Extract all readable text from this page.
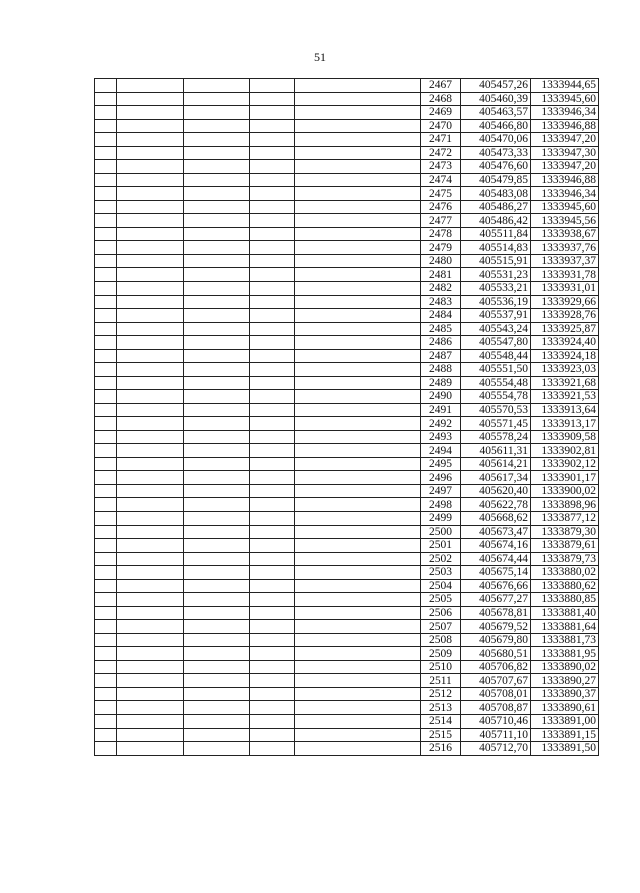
51
					2467	405457,26	1333944,65
					2468	405460,39	1333945,60
					2469	405463,57	1333946,34
					2470	405466,80	1333946,88
					2471	405470,06	1333947,20
					2472	405473,33	1333947,30
					2473	405476,60	1333947,20
					2474	405479,85	1333946,88
					2475	405483,08	1333946,34
					2476	405486,27	1333945,60
					2477	405486,42	1333945,56
					2478	405511,84	1333938,67
					2479	405514,83	1333937,76
					2480	405515,91	1333937,37
					2481	405531,23	1333931,78
					2482	405533,21	1333931,01
					2483	405536,19	1333929,66
					2484	405537,91	1333928,76
					2485	405543,24	1333925,87
					2486	405547,80	1333924,40
					2487	405548,44	1333924,18
					2488	405551,50	1333923,03
					2489	405554,48	1333921,68
					2490	405554,78	1333921,53
					2491	405570,53	1333913,64
					2492	405571,45	1333913,17
					2493	405578,24	1333909,58
					2494	405611,31	1333902,81
					2495	405614,21	1333902,12
					2496	405617,34	1333901,17
					2497	405620,40	1333900,02
					2498	405622,78	1333898,96
					2499	405668,62	1333877,12
					2500	405673,47	1333879,30
					2501	405674,16	1333879,61
					2502	405674,44	1333879,73
					2503	405675,14	1333880,02
					2504	405676,66	1333880,62
					2505	405677,27	1333880,85
					2506	405678,81	1333881,40
					2507	405679,52	1333881,64
					2508	405679,80	1333881,73
					2509	405680,51	1333881,95
					2510	405706,82	1333890,02
					2511	405707,67	1333890,27
					2512	405708,01	1333890,37
					2513	405708,87	1333890,61
					2514	405710,46	1333891,00
					2515	405711,10	1333891,15
					2516	405712,70	1333891,50
